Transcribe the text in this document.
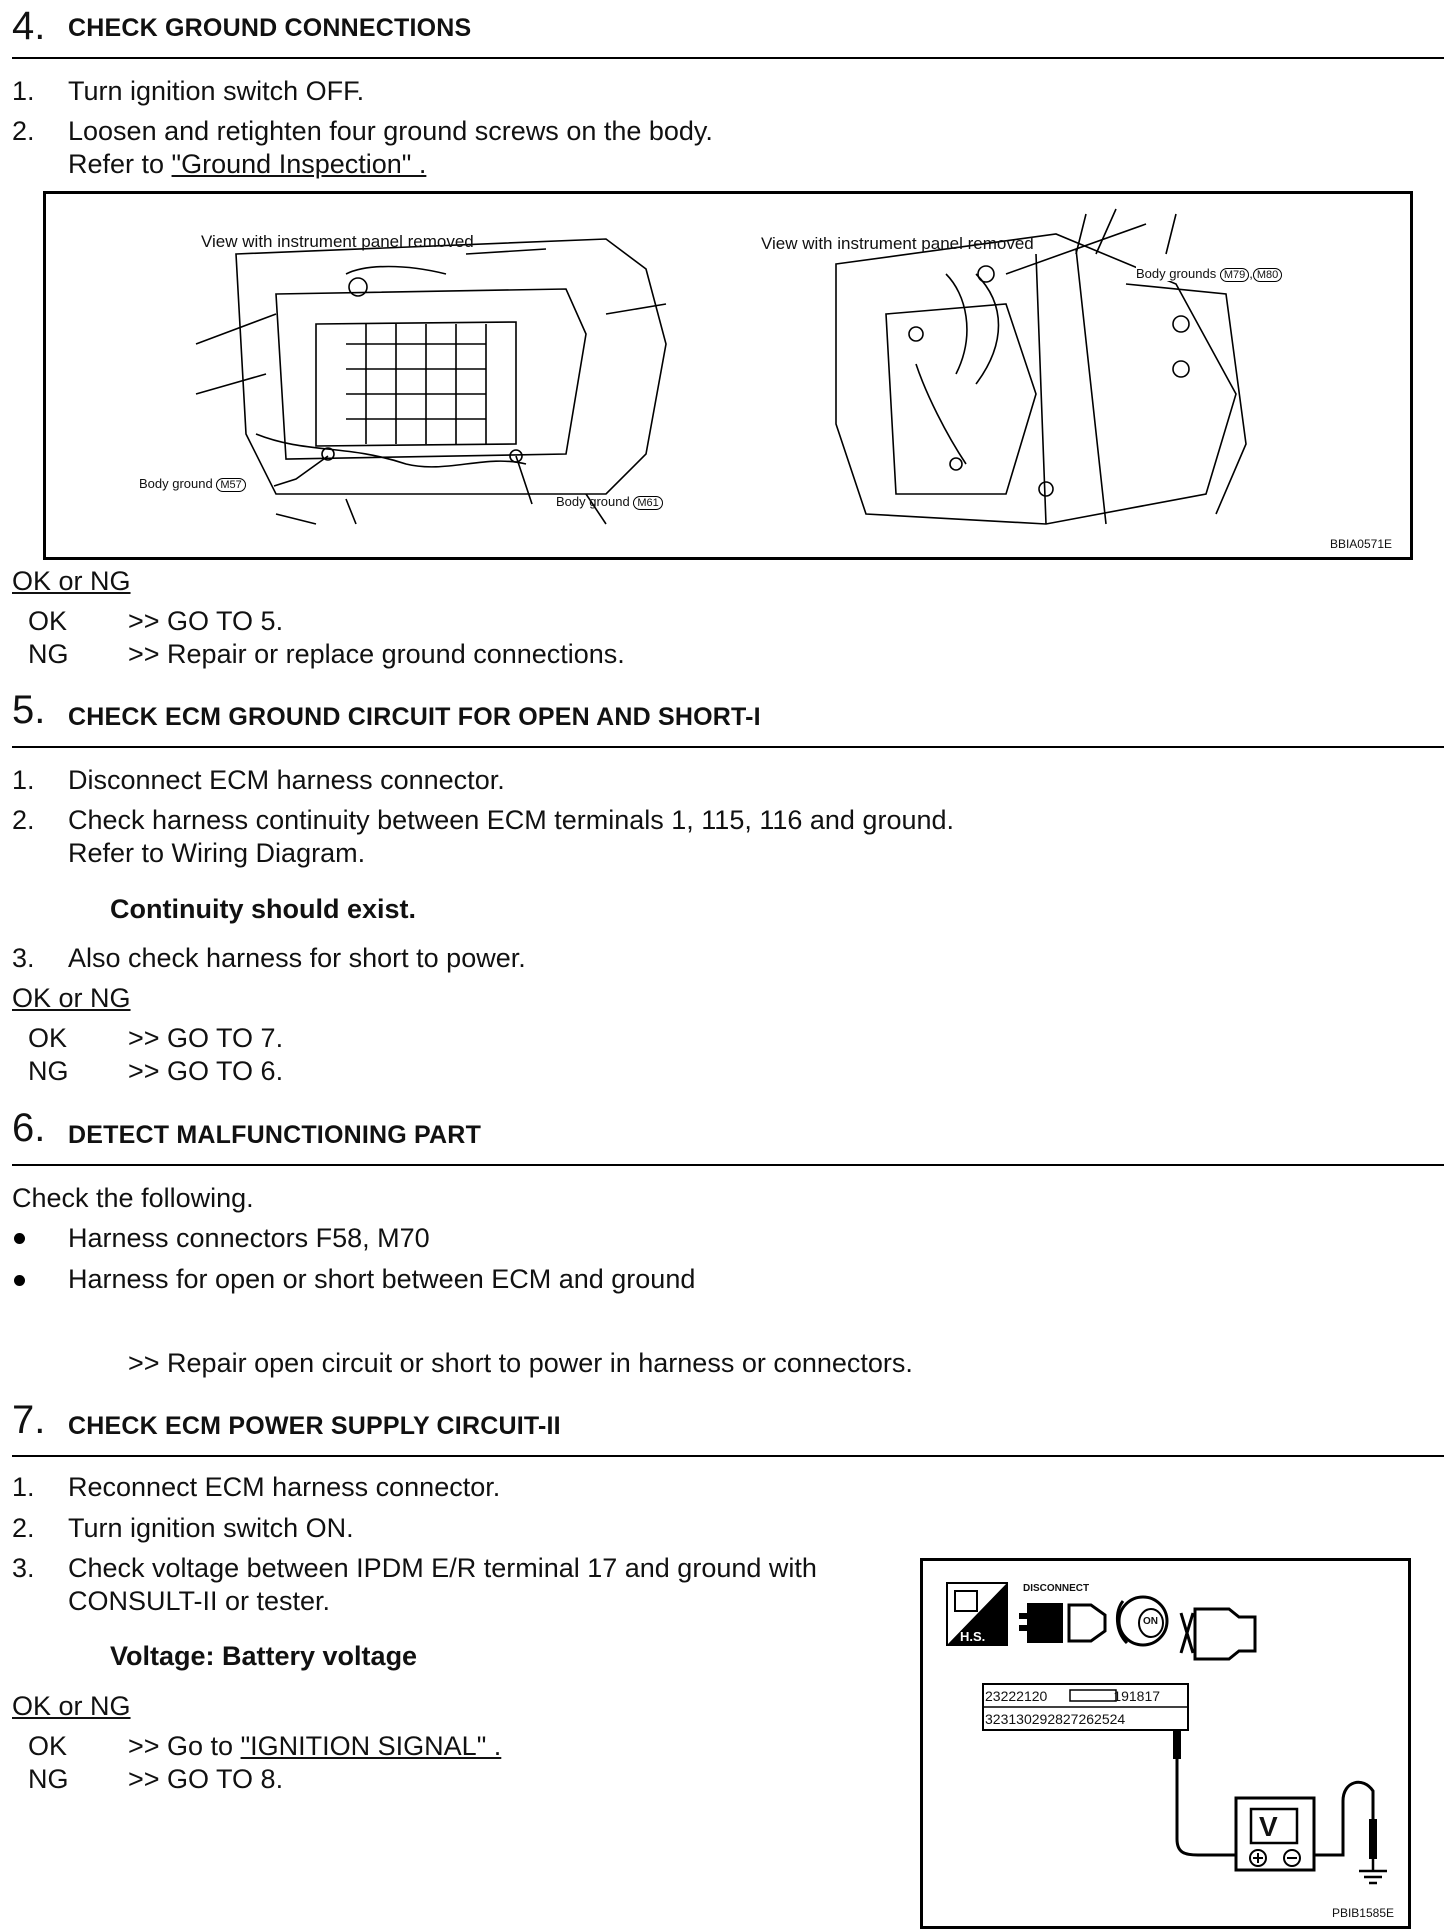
4. CHECK GROUND CONNECTIONS
1. Turn ignition switch OFF.
2. Loosen and retighten four ground screws on the body.
Refer to "Ground Inspection" .
View with instrument panel removed	View with instrument panel removed
Body ground M57
Body ground M61
Body grounds M79 , M80
BBIA0571E
OK or NG
OK >> GO TO 5.
NG >> Repair or replace ground connections.
5. CHECK ECM GROUND CIRCUIT FOR OPEN AND SHORT-I
1. Disconnect ECM harness connector.
2. Check harness continuity between ECM terminals 1, 115, 116 and ground.
Refer to Wiring Diagram.
Continuity should exist.
3. Also check harness for short to power.
OK or NG
OK >> GO TO 7.
NG >> GO TO 6.
6. DETECT MALFUNCTIONING PART
Check the following.
Harness connectors F58, M70
Harness for open or short between ECM and ground
>> Repair open circuit or short to power in harness or connectors.
7. CHECK ECM POWER SUPPLY CIRCUIT-II
1. Reconnect ECM harness connector.
2. Turn ignition switch ON.
3. Check voltage between IPDM E/R terminal 17 and ground with
CONSULT-II or tester.
Voltage: Battery voltage
OK or NG
OK >> Go to "IGNITION SIGNAL" .
NG >> GO TO 8.
H.S.
DISCONNECT
ON
23222120	191817
323130292827262524
V
PBIB1585E
